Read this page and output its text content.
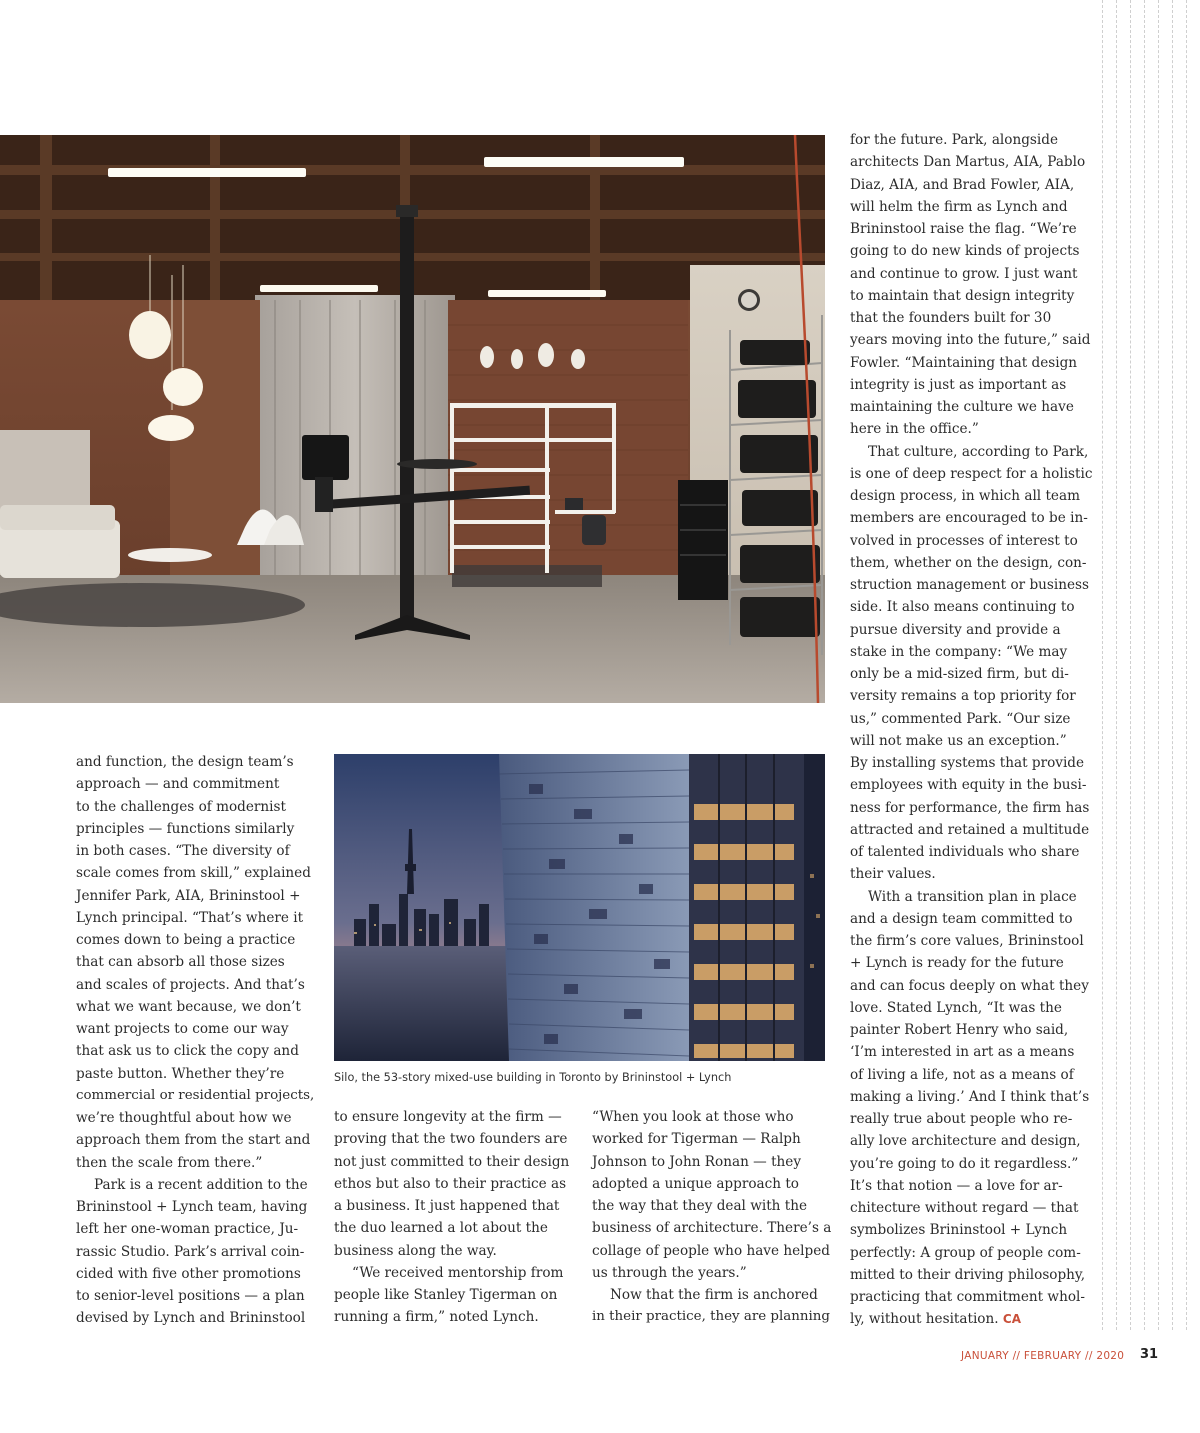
Silo, the 53-story mixed-use building in Toronto by Brininstool + Lynch

and function, the design team’s

approach — and commitment

to the challenges of modernist

principles — functions similarly

in both cases. “The diversity of

scale comes from skill,” explained

Jennifer Park, AIA, Brininstool +

Lynch principal. “That’s where it

comes down to being a practice

that can absorb all those sizes

and scales of projects. And that’s

what we want because, we don’t

want projects to come our way

that ask us to click the copy and

paste button. Whether they’re

commercial or residential projects,

we’re thoughtful about how we

approach them from the start and

then the scale from there.”

Park is a recent addition to the

Brininstool + Lynch team, having

left her one-woman practice, Ju-

rassic Studio. Park’s arrival coin-

cided with five other promotions

to senior-level positions — a plan

devised by Lynch and Brininstool

to ensure longevity at the firm —

proving that the two founders are

not just committed to their design

ethos but also to their practice as

a business. It just happened that

the duo learned a lot about the

business along the way.

“We received mentorship from

people like Stanley Tigerman on

running a firm,” noted Lynch.

“When you look at those who

worked for Tigerman — Ralph

Johnson to John Ronan — they

adopted a unique approach to

the way that they deal with the

business of architecture. There’s a

collage of people who have helped

us through the years.”

Now that the firm is anchored

in their practice, they are planning

for the future. Park, alongside

architects Dan Martus, AIA, Pablo

Diaz, AIA, and Brad Fowler, AIA,

will helm the firm as Lynch and

Brininstool raise the flag. “We’re

going to do new kinds of projects

and continue to grow. I just want

to maintain that design integrity

that the founders built for 30

years moving into the future,” said

Fowler. “Maintaining that design

integrity is just as important as

maintaining the culture we have

here in the office.”

That culture, according to Park,

is one of deep respect for a holistic

design process, in which all team

members are encouraged to be in-

volved in processes of interest to

them, whether on the design, con-

struction management or business

side. It also means continuing to

pursue diversity and provide a

stake in the company: “We may

only be a mid-sized firm, but di-

versity remains a top priority for

us,” commented Park. “Our size

will not make us an exception.”

By installing systems that provide

employees with equity in the busi-

ness for performance, the firm has

attracted and retained a multitude

of talented individuals who share

their values.

With a transition plan in place

and a design team committed to

the firm’s core values, Brininstool

+ Lynch is ready for the future

and can focus deeply on what they

love. Stated Lynch, “It was the

painter Robert Henry who said,

‘I’m interested in art as a means

of living a life, not as a means of

making a living.’ And I think that’s

really true about people who re-

ally love architecture and design,

you’re going to do it regardless.”

It’s that notion — a love for ar-

chitecture without regard — that

symbolizes Brininstool + Lynch

perfectly: A group of people com-

mitted to their driving philosophy,

practicing that commitment whol-

ly, without hesitation. CA

JANUARY // FEBRUARY // 2020 31
